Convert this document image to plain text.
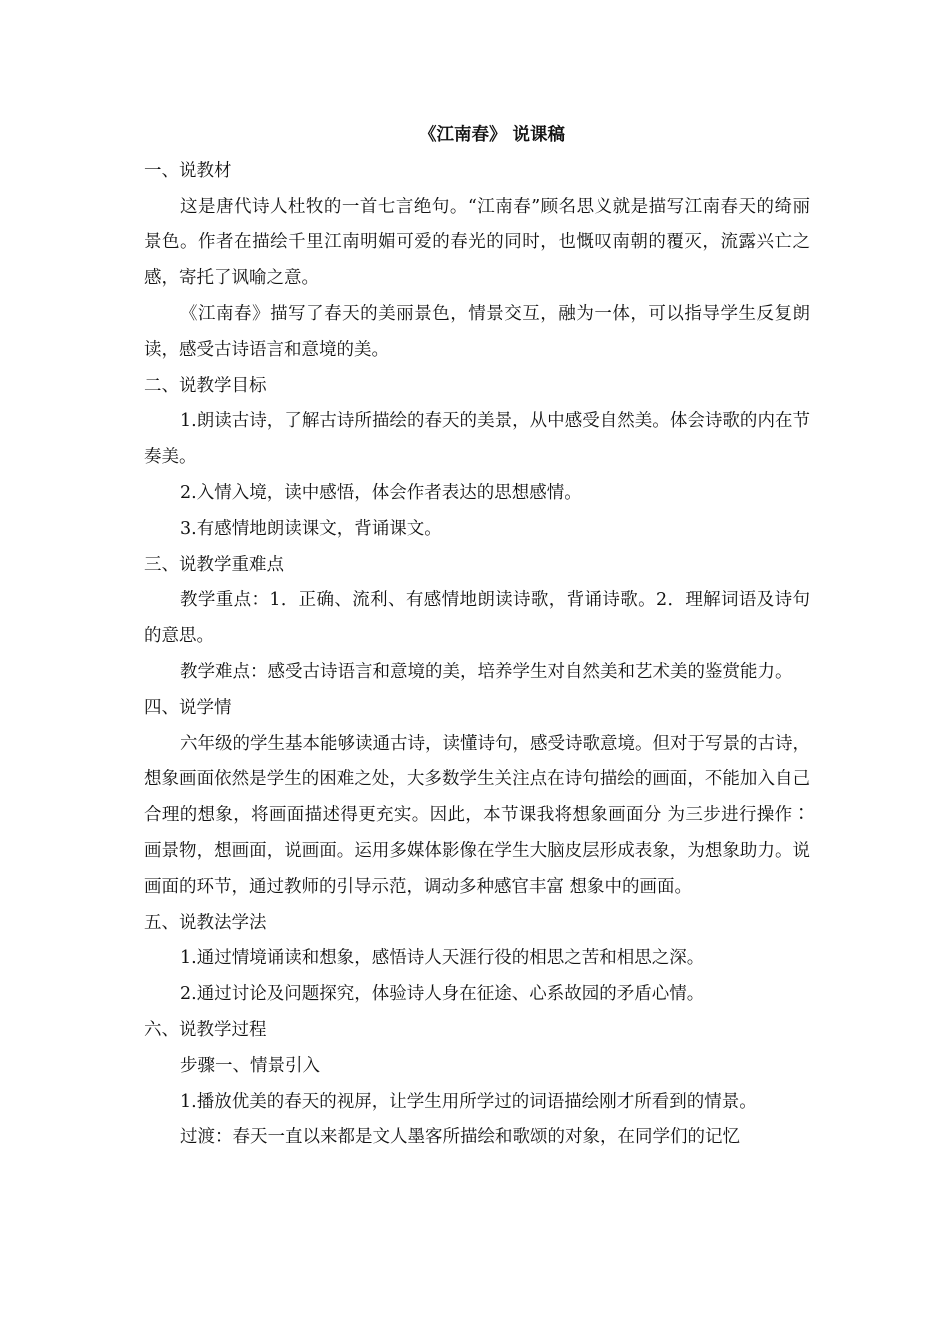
《江南春》 说课稿
一、说教材

这是唐代诗人杜牧的一首七言绝句。“江南春”顾名思义就是描写江南春天的绮丽景色。作者在描绘千里江南明媚可爱的春光的同时，也慨叹南朝的覆灭，流露兴亡之感，寄托了讽喻之意。

《江南春》描写了春天的美丽景色，情景交互，融为一体，可以指导学生反复朗读，感受古诗语言和意境的美。

二、说教学目标

1.朗读古诗，了解古诗所描绘的春天的美景，从中感受自然美。体会诗歌的内在节奏美。

2.入情入境，读中感悟，体会作者表达的思想感情。

3.有感情地朗读课文，背诵课文。

三、说教学重难点

教学重点：1．正确、流利、有感情地朗读诗歌，背诵诗歌。2．理解词语及诗句的意思。

教学难点：感受古诗语言和意境的美，培养学生对自然美和艺术美的鉴赏能力。

四、说学情

六年级的学生基本能够读通古诗，读懂诗句，感受诗歌意境。但对于写景的古诗，想象画面依然是学生的困难之处，大多数学生关注点在诗句描绘的画面，不能加入自己合理的想象，将画面描述得更充实。因此，本节课我将想象画面分 为三步进行操作∶画景物，想画面，说画面。运用多媒体影像在学生大脑皮层形成表象，为想象助力。说画面的环节，通过教师的引导示范，调动多种感官丰富 想象中的画面。

五、说教法学法

1.通过情境诵读和想象，感悟诗人天涯行役的相思之苦和相思之深。

2.通过讨论及问题探究，体验诗人身在征途、心系故园的矛盾心情。

六、说教学过程

步骤一、情景引入

1.播放优美的春天的视屏，让学生用所学过的词语描绘刚才所看到的情景。

过渡：春天一直以来都是文人墨客所描绘和歌颂的对象，在同学们的记忆
